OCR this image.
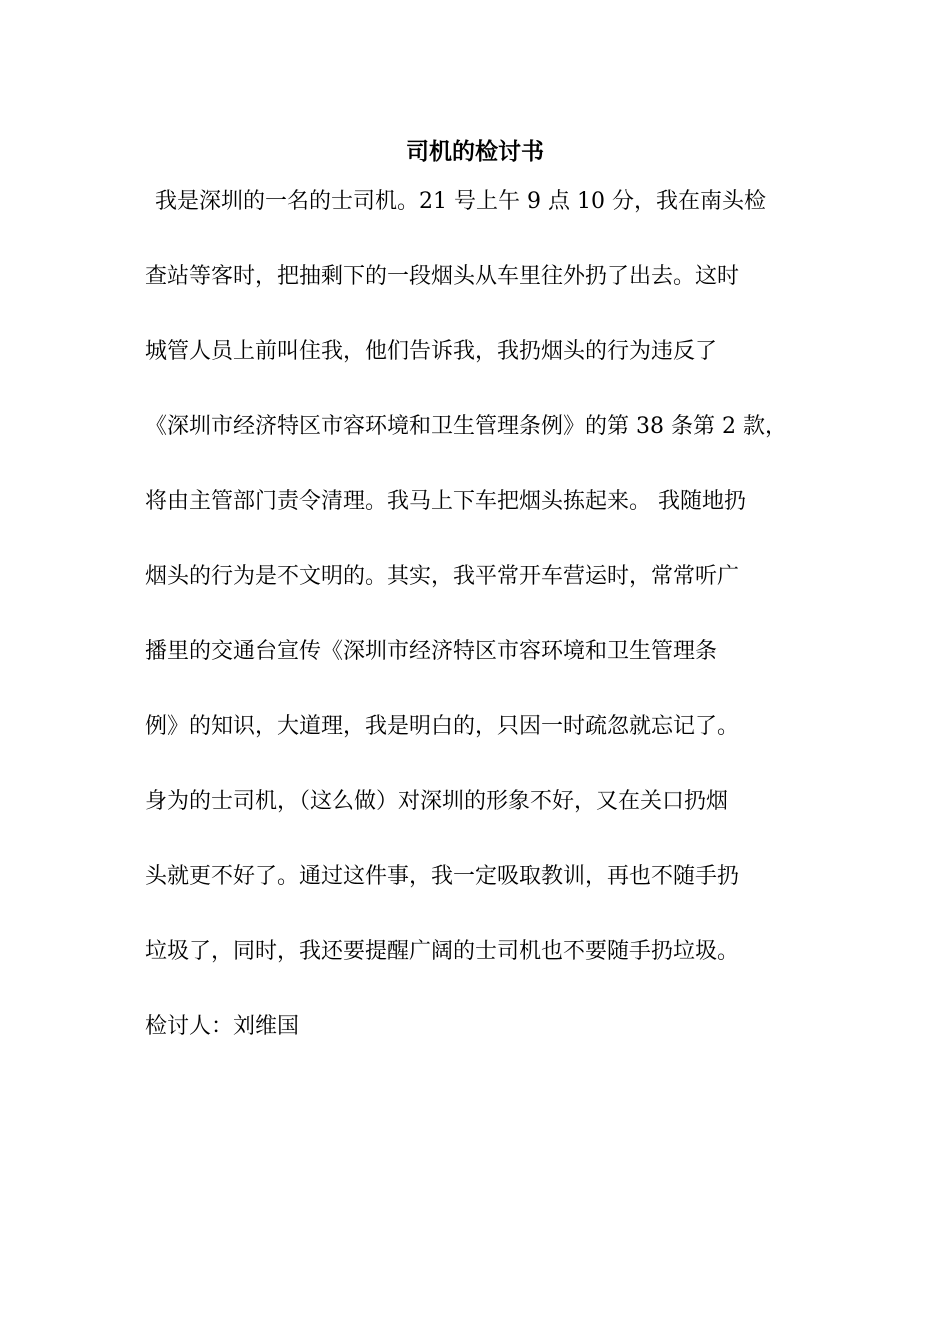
司机的检讨书
我是深圳的一名的士司机。21 号上午 9 点 10 分，我在南头检
查站等客时，把抽剩下的一段烟头从车里往外扔了出去。这时
城管人员上前叫住我，他们告诉我，我扔烟头的行为违反了
《深圳市经济特区市容环境和卫生管理条例》的第 38 条第 2 款，
将由主管部门责令清理。我马上下车把烟头拣起来。 我随地扔
烟头的行为是不文明的。其实，我平常开车营运时，常常听广
播里的交通台宣传《深圳市经济特区市容环境和卫生管理条
例》的知识，大道理，我是明白的，只因一时疏忽就忘记了。
身为的士司机，（这么做）对深圳的形象不好，又在关口扔烟
头就更不好了。通过这件事，我一定吸取教训，再也不随手扔
垃圾了，同时，我还要提醒广阔的士司机也不要随手扔垃圾。
检讨人：刘维国
